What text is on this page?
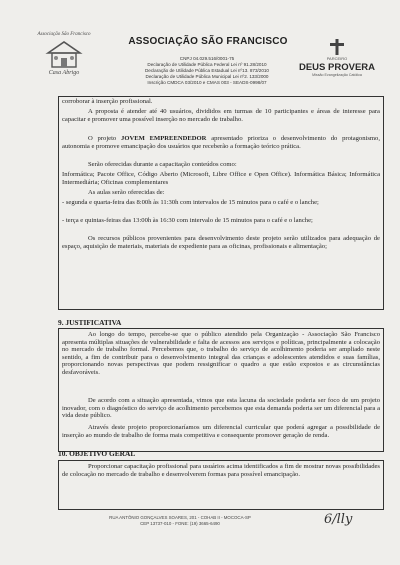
Associação São Francisco
Casa Abrigo
ASSOCIAÇÃO SÃO FRANCISCO
CNPJ 04.029.516/0001-75
Declaração de Utilidade Pública Federal Lei nº 91.28/2010
Declaração de Utilidade Pública Estadual Lei nº13. 873/2010
Declaração de Utilidade Pública Municipal Lei nº2. 133/2000
Inscrição CMDCA 03/2010 e CMAS 003 - SEADS-0998/07
PARCEIRO
DEUS PROVERA
Missão Evangelização Católica
corroborar à inserção profissional.
A proposta é atender até 40 usuários, divididos em turmas de 10 participantes e áreas de interesse para capacitar e promover uma possível inserção no mercado de trabalho.
O projeto JOVEM EMPREENDEDOR apresentado prioriza o desenvolvimento do protagonismo, autonomia e promove emancipação dos usuários que receberão a formação teórico prática.
Serão oferecidas durante a capacitação conteúdos como:
Informática; Pacote Office, Código Aberto (Microsoft, Libre Office e Open Office). Informática Básica; Informática Intermediária; Oficinas complementares
As aulas serão oferecidas de:
- segunda e quarta-feira das 8:00h às 11:30h com intervalos de 15 minutos para o café e o lanche;
- terça e quintas-feiras das 13:00h às 16:30 com intervalo de 15 minutos para o café e o lanche;
Os recursos públicos provenientes para desenvolvimento deste projeto serão utilizados para adequação de espaço, aquisição de materiais, materiais de expediente para as oficinas, profissionais e alimentação;
9. JUSTIFICATIVA
Ao longo do tempo, percebe-se que o público atendido pela Organização - Associação São Francisco apresenta múltiplas situações de vulnerabilidade e falta de acessos aos serviços e políticas, principalmente a colocação no mercado de trabalho formal. Percebemos que, o trabalho do serviço de acolhimento poderia ser ampliado neste sentido, a fim de contribuir para o desenvolvimento integral das crianças e adolescentes atendidos e suas famílias, proporcionando novas perspectivas que podem ressignificar o quadro a que estão expostos e as circunstâncias desfavoráveis.
De acordo com a situação apresentada, vimos que esta lacuna da sociedade poderia ser foco de um projeto inovador, com o diagnóstico do serviço de acolhimento percebemos que esta demanda poderia ser um diferencial para a vida deste público.
Através deste projeto proporcionaríamos um diferencial curricular que poderá agregar a possibilidade de inserção ao mundo de trabalho de forma mais competitiva e consequente promover geração de renda.
10. OBJETIVO GERAL
Proporcionar capacitação profissional para usuários acima identificados a fim de mostrar novas possibilidades de colocação no mercado de trabalho e desenvolverem formas para possível emancipação.
RUA ANTÔNIO GONÇALVES SOARES, 201 - COHAB II - MOCOCA-SP
CEP 13737-010 - FONE: (19) 3665-6490	6/lly
